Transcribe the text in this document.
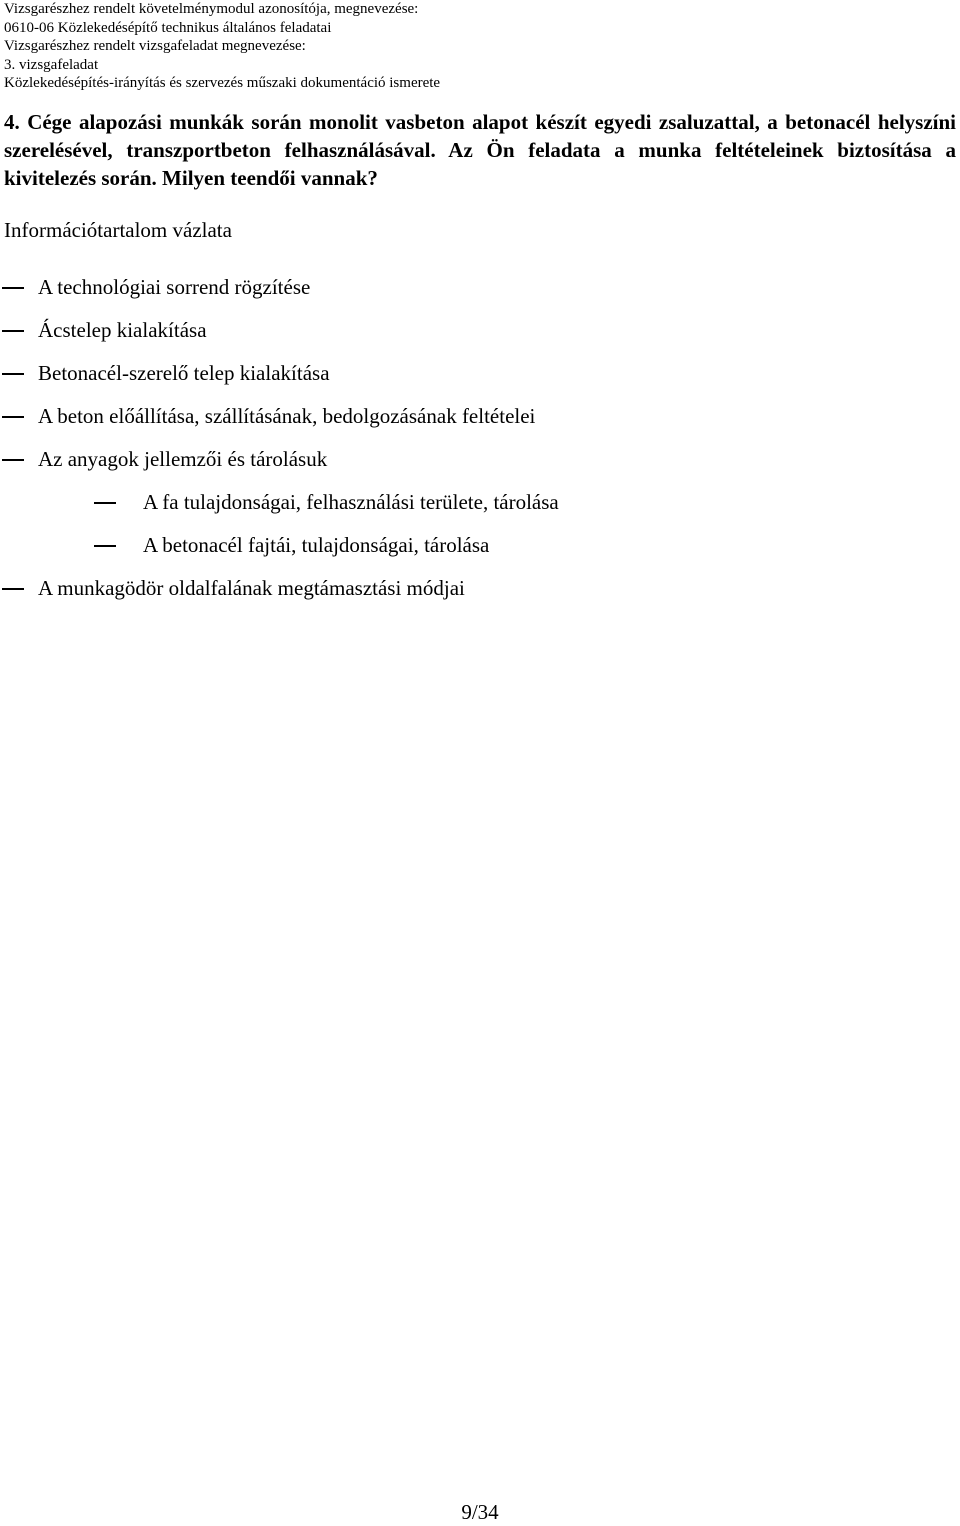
Vizsgarészhez rendelt követelménymodul azonosítója, megnevezése:
0610-06 Közlekedésépítő technikus általános feladatai
Vizsgarészhez rendelt vizsgafeladat megnevezése:
3. vizsgafeladat
Közlekedésépítés-irányítás és szervezés műszaki dokumentáció ismerete
4. Cége alapozási munkák során monolit vasbeton alapot készít egyedi zsaluzattal, a betonacél helyszíni szerelésével, transzportbeton felhasználásával. Az Ön feladata a munka feltételeinek biztosítása a kivitelezés során. Milyen teendői vannak?
Információtartalom vázlata
A technológiai sorrend rögzítése
Ácstelep kialakítása
Betonacél-szerelő telep kialakítása
A beton előállítása, szállításának, bedolgozásának feltételei
Az anyagok jellemzői és tárolásuk
A fa tulajdonságai, felhasználási területe, tárolása
A betonacél fajtái, tulajdonságai, tárolása
A munkagödör oldalfalának megtámasztási módjai
9/34
